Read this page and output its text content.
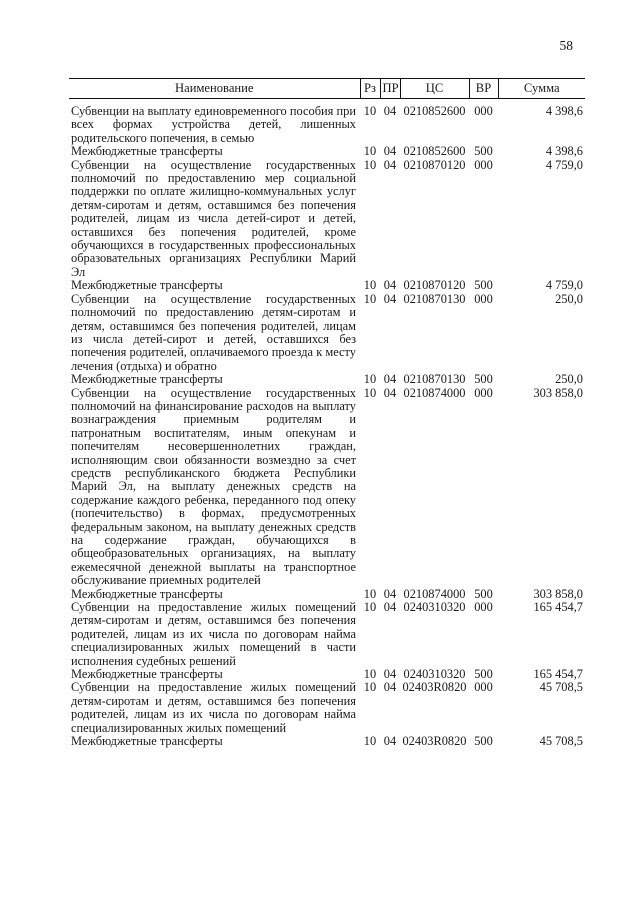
58
Наименование	Рз	ПР	ЦС	ВР	Сумма
Субвенции на выплату единовременного пособия при всех формах устройства детей, лишенных родительского попечения, в семью	10	04	0210852600	000	4 398,6
Межбюджетные трансферты	10	04	0210852600	500	4 398,6
Субвенции на осуществление государственных полномочий по предоставлению мер социальной поддержки по оплате жилищно-коммунальных услуг детям-сиротам и детям, оставшимся без попечения родителей, лицам из числа детей-сирот и детей, оставшихся без попечения родителей, кроме обучающихся в государственных профессиональных образовательных организациях Республики Марий Эл	10	04	0210870120	000	4 759,0
Межбюджетные трансферты	10	04	0210870120	500	4 759,0
Субвенции на осуществление государственных полномочий по предоставлению детям-сиротам и детям, оставшимся без попечения родителей, лицам из числа детей-сирот и детей, оставшихся без попечения родителей, оплачиваемого проезда к месту лечения (отдыха) и обратно	10	04	0210870130	000	250,0
Межбюджетные трансферты	10	04	0210870130	500	250,0
Субвенции на осуществление государственных полномочий на финансирование расходов на выплату вознаграждения приемным родителям и патронатным воспитателям, иным опекунам и попечителям несовершеннолетних граждан, исполняющим свои обязанности возмездно за счет средств республиканского бюджета Республики Марий Эл, на выплату денежных средств на содержание каждого ребенка, переданного под опеку (попечительство) в формах, предусмотренных федеральным законом, на выплату денежных средств на содержание граждан, обучающихся в общеобразовательных организациях, на выплату ежемесячной денежной выплаты на транспортное обслуживание приемных родителей	10	04	0210874000	000	303 858,0
Межбюджетные трансферты	10	04	0210874000	500	303 858,0
Субвенции на предоставление жилых помещений детям-сиротам и детям, оставшимся без попечения родителей, лицам из их числа по договорам найма специализированных жилых помещений в части исполнения судебных решений	10	04	0240310320	000	165 454,7
Межбюджетные трансферты	10	04	0240310320	500	165 454,7
Субвенции на предоставление жилых помещений детям-сиротам и детям, оставшимся без попечения родителей, лицам из их числа по договорам найма специализированных жилых помещений	10	04	02403R0820	000	45 708,5
Межбюджетные трансферты	10	04	02403R0820	500	45 708,5
